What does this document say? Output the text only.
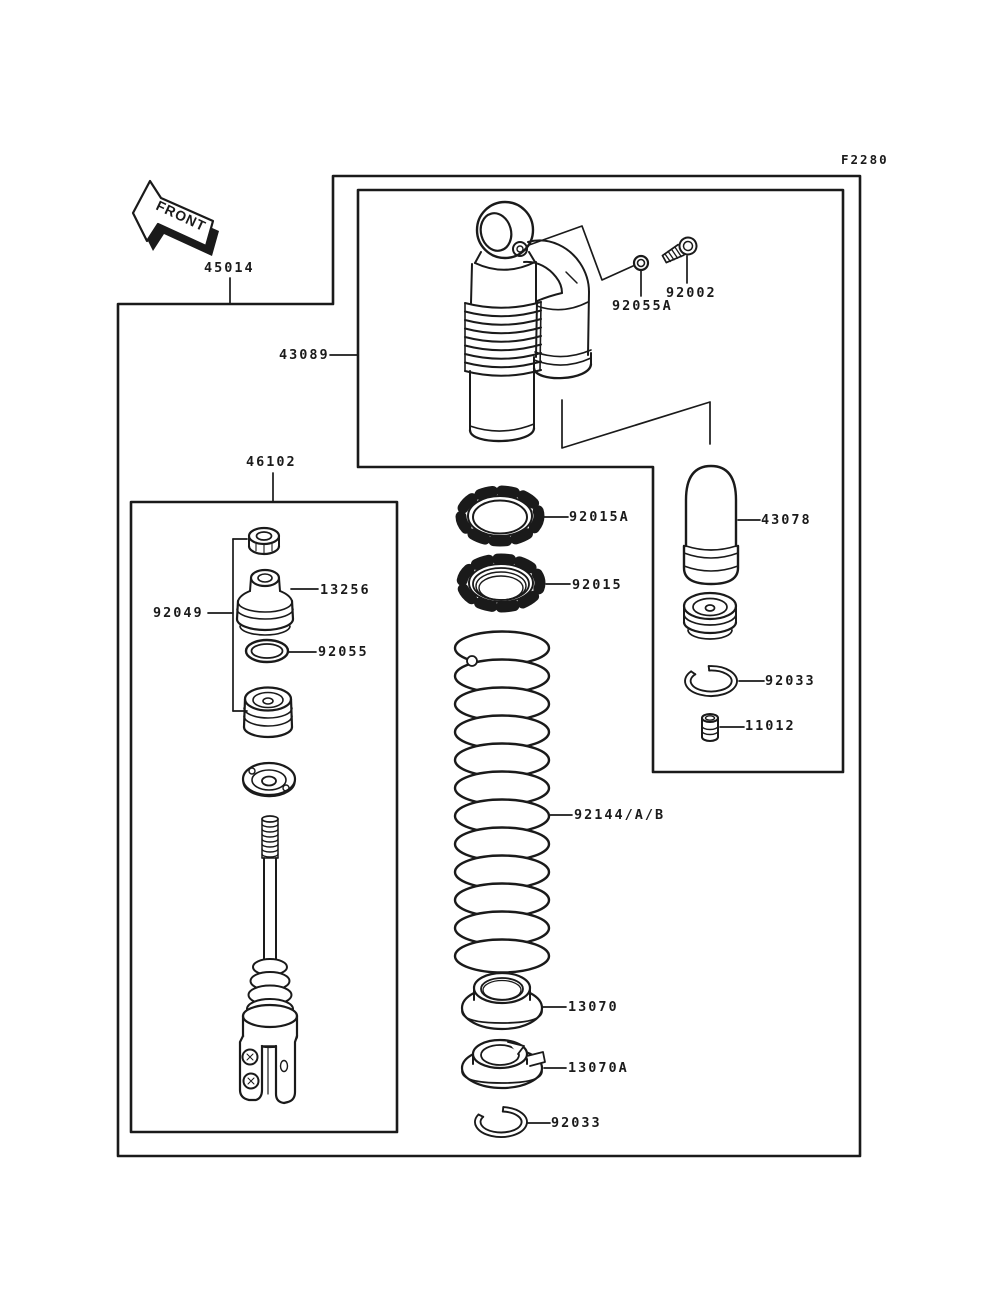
FRONT
F2280
45014
43089
92055A
92002
46102
13256
92049
92055
92015A
92015
43078
92033
11012
92144/A/B
13070
13070A
92033
